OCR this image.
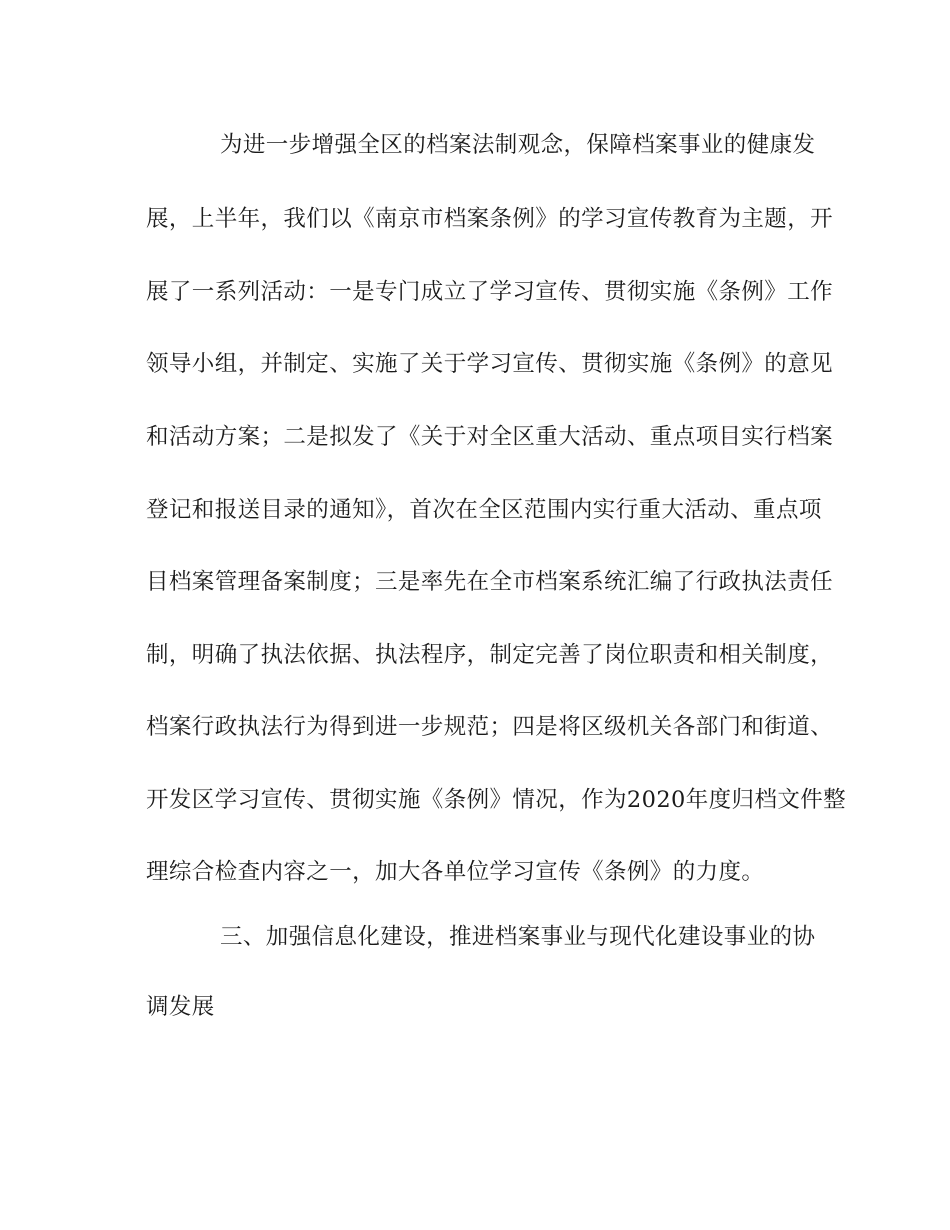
为进一步增强全区的档案法制观念，保障档案事业的健康发
展，上半年，我们以《南京市档案条例》的学习宣传教育为主题，开
展了一系列活动：一是专门成立了学习宣传、贯彻实施《条例》工作
领导小组，并制定、实施了关于学习宣传、贯彻实施《条例》的意见
和活动方案；二是拟发了《关于对全区重大活动、重点项目实行档案
登记和报送目录的通知》，首次在全区范围内实行重大活动、重点项
目档案管理备案制度；三是率先在全市档案系统汇编了行政执法责任
制，明确了执法依据、执法程序，制定完善了岗位职责和相关制度，
档案行政执法行为得到进一步规范；四是将区级机关各部门和街道、
开发区学习宣传、贯彻实施《条例》情况，作为2020年度归档文件整
理综合检查内容之一，加大各单位学习宣传《条例》的力度。
三、加强信息化建设，推进档案事业与现代化建设事业的协
调发展
